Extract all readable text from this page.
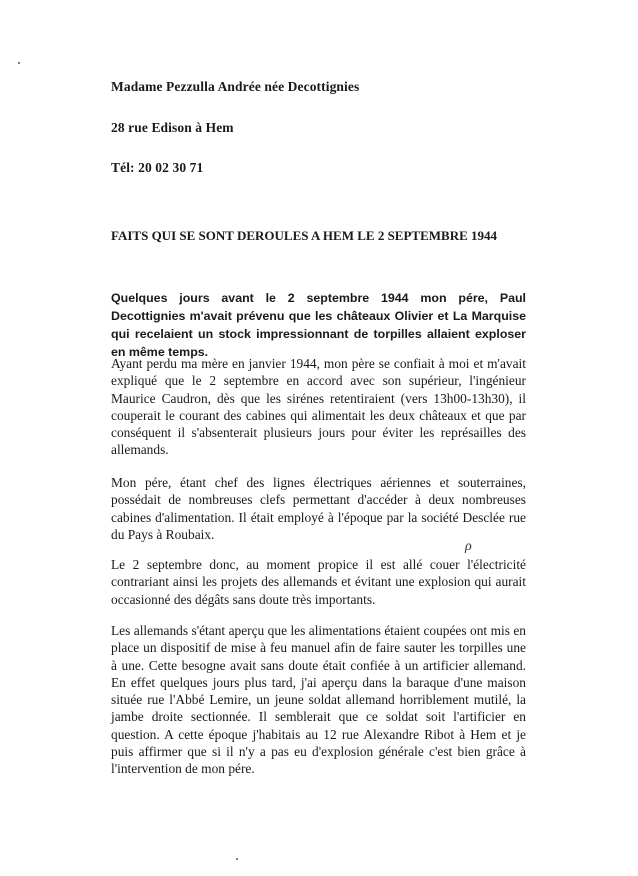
Madame Pezzulla Andrée née Decottignies
28 rue Edison à Hem
Tél: 20 02 30 71
FAITS QUI SE SONT DEROULES A HEM LE 2 SEPTEMBRE 1944
Quelques jours avant le 2 septembre 1944 mon pére, Paul Decottignies m'avait prévenu que les châteaux Olivier et La Marquise qui recelaient un stock impressionnant de torpilles allaient exploser en même temps.
Ayant perdu ma mère en janvier 1944, mon père se confiait à moi et m'avait expliqué que le 2 septembre en accord avec son supérieur, l'ingénieur Maurice Caudron, dès que les sirénes retentiraient (vers 13h00-13h30), il couperait le courant des cabines qui alimentait les deux châteaux et que par conséquent il s'absenterait plusieurs jours pour éviter les représailles des allemands.
Mon pére, étant chef des lignes électriques aériennes et souterraines, possédait de nombreuses clefs permettant d'accéder à deux nombreuses cabines d'alimentation. Il était employé à l'époque par la société Desclée rue du Pays à Roubaix.
ρ
Le 2 septembre donc, au moment propice il est allé couer l'électricité contrariant ainsi les projets des allemands et évitant une explosion qui aurait occasionné des dégâts sans doute très importants.
Les allemands s'étant aperçu que les alimentations étaient coupées ont mis en place un dispositif de mise à feu manuel afin de faire sauter les torpilles une à une. Cette besogne avait sans doute était confiée à un artificier allemand. En effet quelques jours plus tard, j'ai aperçu dans la baraque d'une maison située rue l'Abbé Lemire, un jeune soldat allemand horriblement mutilé, la jambe droite sectionnée. Il semblerait que ce soldat soit l'artificier en question. A cette époque j'habitais au 12 rue Alexandre Ribot à Hem et je puis affirmer que si il n'y a pas eu d'explosion générale c'est bien grâce à l'intervention de mon pére.
